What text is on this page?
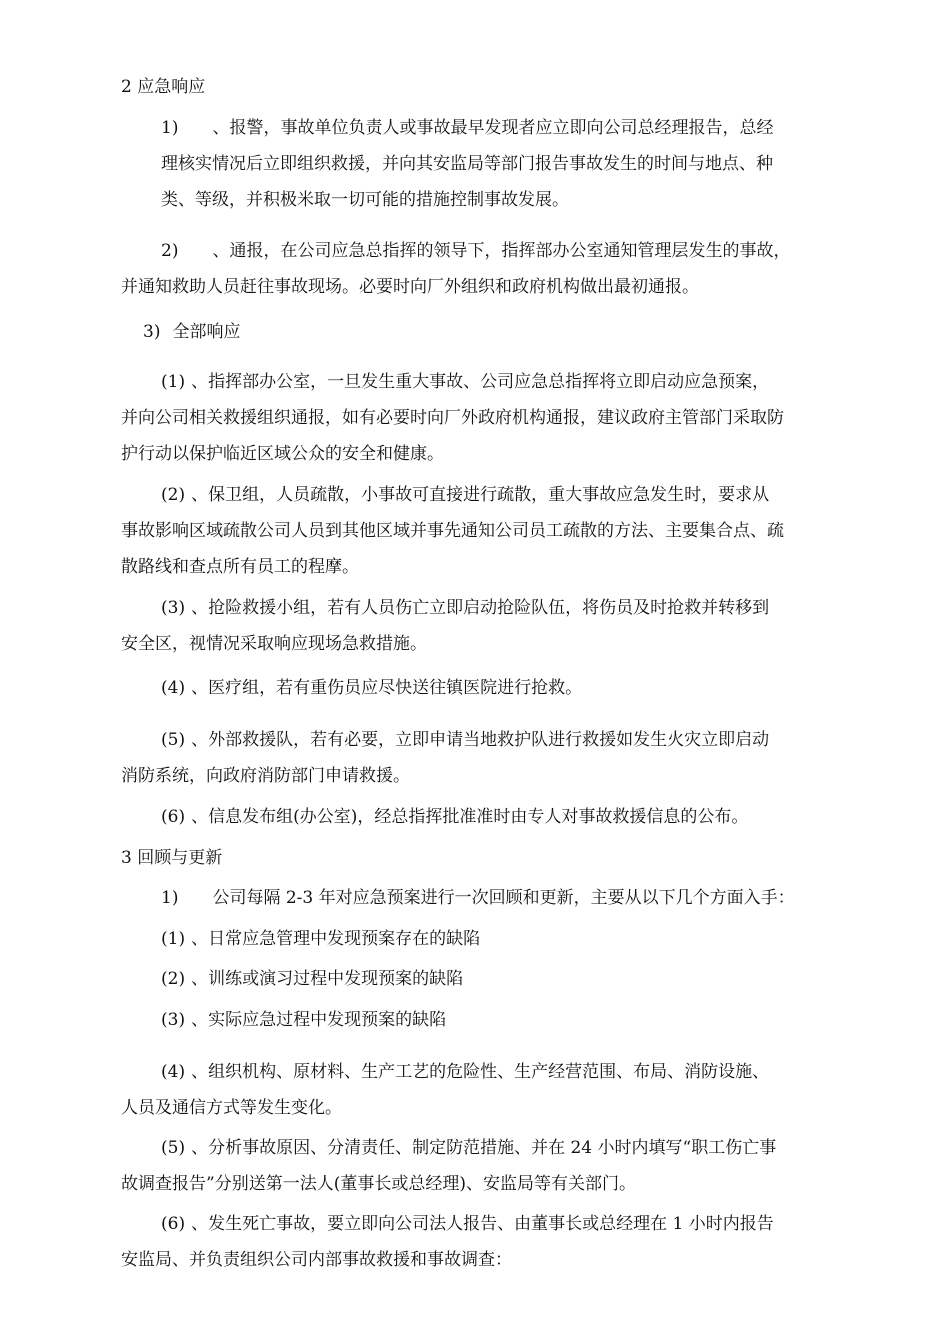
2 应急响应
1) 、报警，事故单位负责人或事故最早发现者应立即向公司总经理报告，总经
理核实情况后立即组织救援，并向其安监局等部门报告事故发生的时间与地点、种
类、等级，并积极米取一切可能的措施控制事故发展。
2) 、通报，在公司应急总指挥的领导下，指挥部办公室通知管理层发生的事故，
并通知救助人员赶往事故现场。必要时向厂外组织和政府机构做出最初通报。
3) 全部响应
(1) 、指挥部办公室，一旦发生重大事故、公司应急总指挥将立即启动应急预案，
并向公司相关救援组织通报，如有必要时向厂外政府机构通报，建议政府主管部门采取防
护行动以保护临近区域公众的安全和健康。
(2) 、保卫组，人员疏散，小事故可直接进行疏散，重大事故应急发生时，要求从
事故影响区域疏散公司人员到其他区域并事先通知公司员工疏散的方法、主要集合点、疏
散路线和查点所有员工的程摩。
(3) 、抢险救援小组，若有人员伤亡立即启动抢险队伍，将伤员及时抢救并转移到
安全区，视情况采取响应现场急救措施。
(4) 、医疗组，若有重伤员应尽快送往镇医院进行抢救。
(5) 、外部救援队，若有必要，立即申请当地救护队进行救援如发生火灾立即启动
消防系统，向政府消防部门申请救援。
(6) 、信息发布组(办公室)，经总指挥批准准时由专人对事故救援信息的公布。
3 回顾与更新
1) 公司每隔 2-3 年对应急预案进行一次回顾和更新，主要从以下几个方面入手：
(1) 、日常应急管理中发现预案存在的缺陷
(2) 、训练或演习过程中发现预案的缺陷
(3) 、实际应急过程中发现预案的缺陷
(4) 、组织机构、原材料、生产工艺的危险性、生产经营范围、布局、消防设施、
人员及通信方式等发生变化。
(5) 、分析事故原因、分清责任、制定防范措施、并在 24 小时内填写“职工伤亡事
故调查报告”分别送第一法人(董事长或总经理)、安监局等有关部门。
(6) 、发生死亡事故，要立即向公司法人报告、由董事长或总经理在 1 小时内报告
安监局、并负责组织公司内部事故救援和事故调查：
